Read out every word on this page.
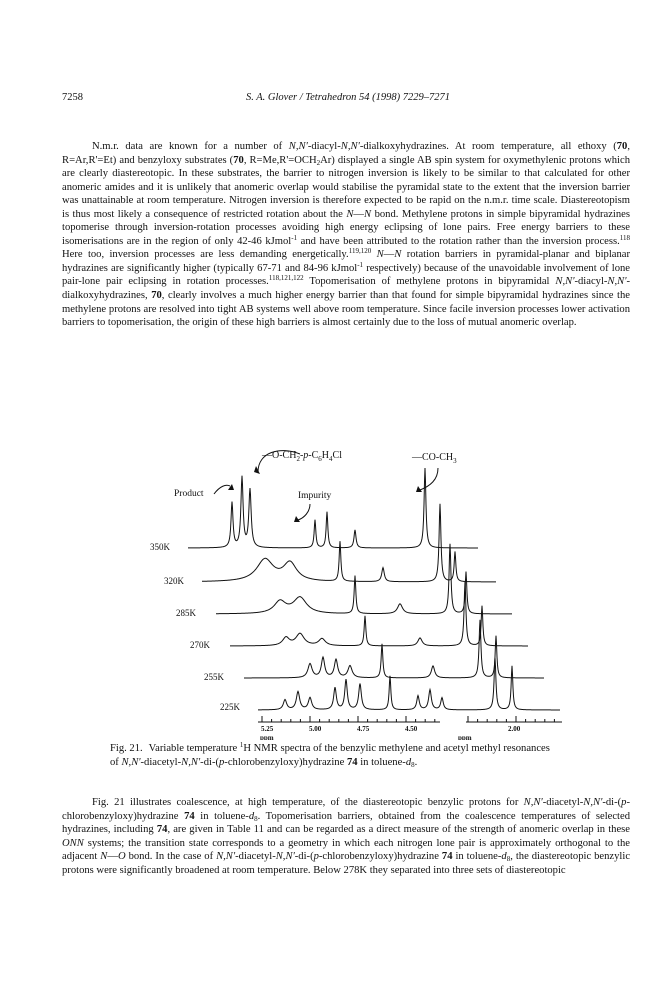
7258	S. A. Glover / Tetrahedron 54 (1998) 7229–7271

N.m.r. data are known for a number of N,N'-diacyl-N,N'-dialkoxyhydrazines. At room temperature, all ethoxy (70, R=Ar,R'=Et) and benzyloxy substrates (70, $R=Me,R'=OCH_2Ar$) displayed a single AB spin system for oxymethylenic protons which are clearly diastereotopic. In these substrates, the barrier to nitrogen inversion is likely to be similar to that calculated for other anomeric amides and it is unlikely that anomeric overlap would stabilise the pyramidal state to the extent that the inversion barrier was unattainable at room temperature. Nitrogen inversion is therefore expected to be rapid on the n.m.r. time scale. Diastereotopism is thus most likely a consequence of restricted rotation about the N—N bond. Methylene protons in simple bipyramidal hydrazines topomerise through inversion-rotation processes avoiding high energy eclipsing of lone pairs. Free energy barriers to these isomerisations are in the region of only 42-46 kJmol$^{-1}$ and have been attributed to the rotation rather than the inversion process.$^{118}$ Here too, inversion processes are less demanding energetically.$^{119,120}$ N—N rotation barriers in pyramidal-planar and biplanar hydrazines are significantly higher (typically 67-71 and 84-96 kJmol$^{-1}$ respectively) because of the unavoidable involvement of lone pair-lone pair eclipsing in rotation processes.$^{118,121,122}$ Topomerisation of methylene protons in bipyramidal N,N'-diacyl-N,N'-dialkoxyhydrazines, 70, clearly involves a much higher energy barrier than that found for simple bipyramidal hydrazines since the methylene protons are resolved into tight AB systems well above room temperature. Since facile inversion processes lower activation barriers to topomerisation, the origin of these high barriers is almost certainly due to the loss of mutual anomeric overlap.

$—O-CH_2-p-C_6H_4Cl$	$—CO-CH_3$
Product	Impurity
350K
320K
285K
270K
255K
225K
5.25	5.00	4.75	4.50	2.00
ppm	ppm
Fig. 21. Variable temperature $^1$H NMR spectra of the benzylic methylene and acetyl methyl resonances of N,N'-diacetyl-N,N'-di-(p-chlorobenzyloxy)hydrazine 74 in toluene-$d_8$.

Fig. 21 illustrates coalescence, at high temperature, of the diastereotopic benzylic protons for N,N'-diacetyl-N,N'-di-(p-chlorobenzyloxy)hydrazine 74 in toluene-$d_8$. Topomerisation barriers, obtained from the coalescence temperatures of selected hydrazines, including 74, are given in Table 11 and can be regarded as a direct measure of the strength of anomeric overlap in these ONN systems; the transition state corresponds to a geometry in which each nitrogen lone pair is approximately orthogonal to the adjacent N—O bond. In the case of N,N'-diacetyl-N,N'-di-(p-chlorobenzyloxy)hydrazine 74 in toluene-$d_8$, the diastereotopic benzylic protons were significantly broadened at room temperature. Below 278K they separated into three sets of diastereotopic
